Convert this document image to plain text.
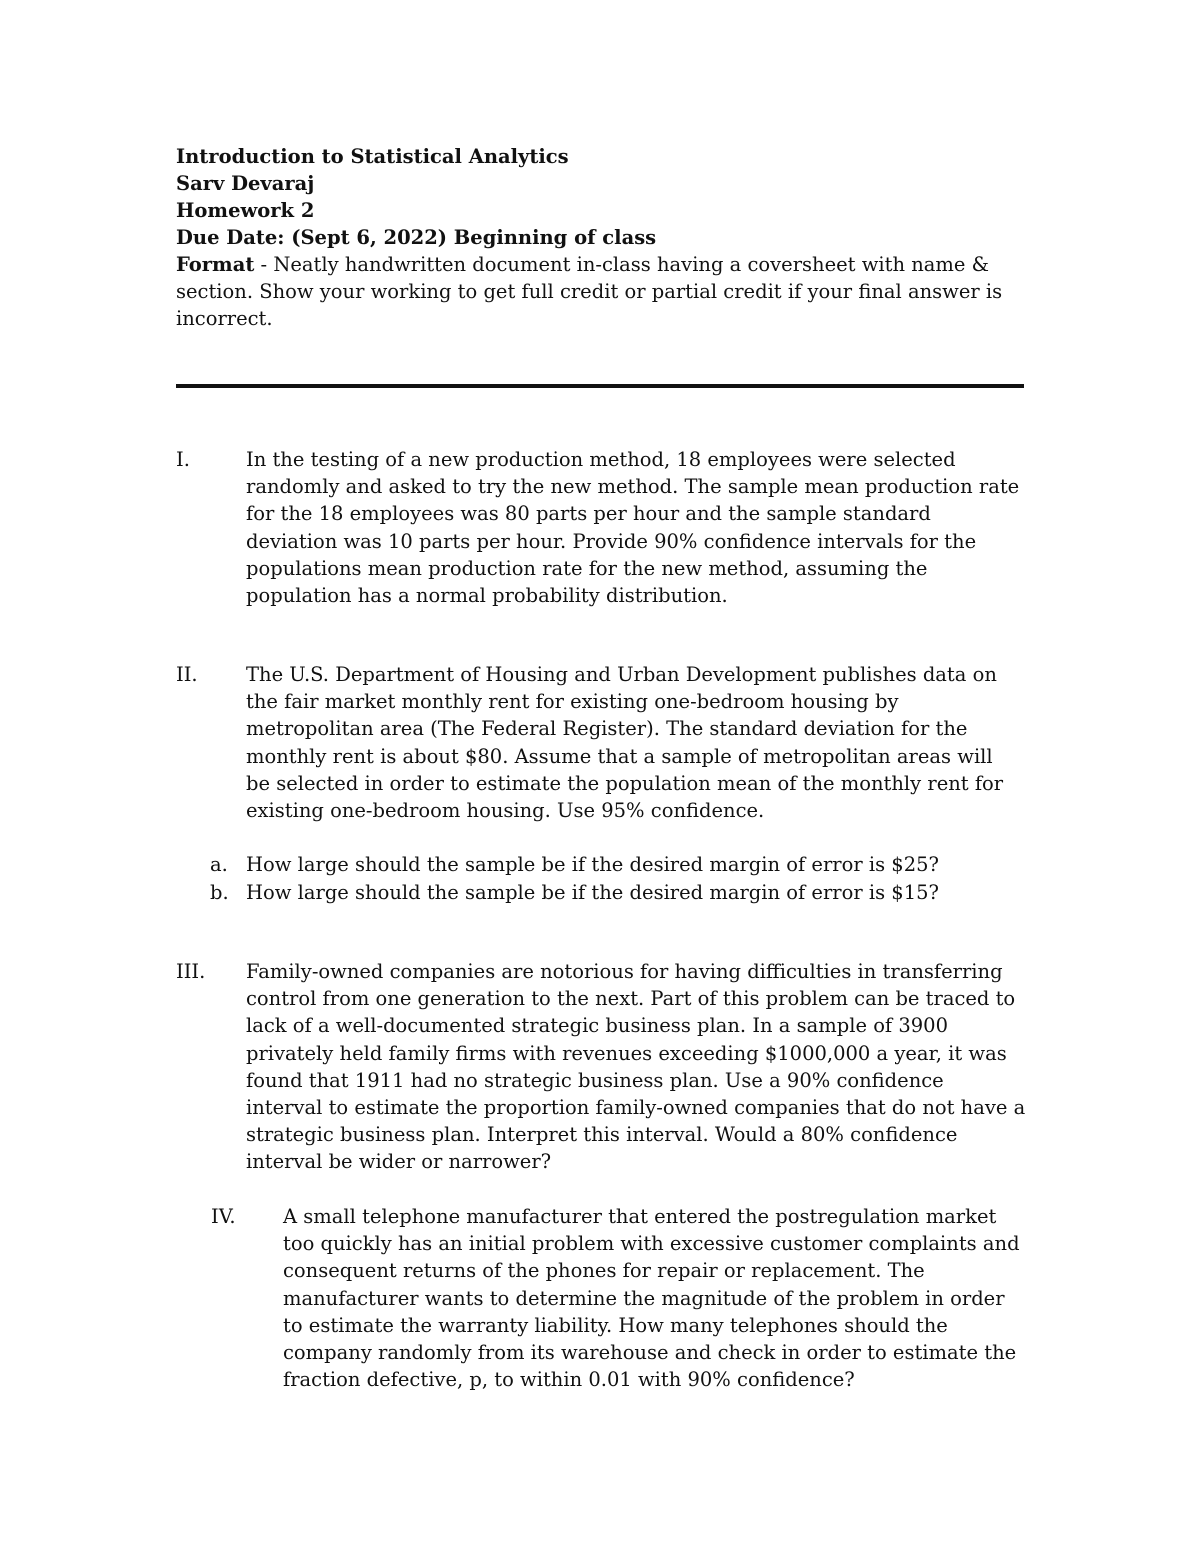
Introduction to Statistical Analytics
Sarv Devaraj
Homework 2
Due Date: (Sept 6, 2022) Beginning of class
Format - Neatly handwritten document in-class having a coversheet with name & section. Show your working to get full credit or partial credit if your final answer is incorrect.
I.	In the testing of a new production method, 18 employees were selected randomly and asked to try the new method. The sample mean production rate for the 18 employees was 80 parts per hour and the sample standard deviation was 10 parts per hour. Provide 90% confidence intervals for the populations mean production rate for the new method, assuming the population has a normal probability distribution.
II. The U.S. Department of Housing and Urban Development publishes data on the fair market monthly rent for existing one-bedroom housing by metropolitan area (The Federal Register). The standard deviation for the monthly rent is about $80. Assume that a sample of metropolitan areas will be selected in order to estimate the population mean of the monthly rent for existing one-bedroom housing. Use 95% confidence.
a. How large should the sample be if the desired margin of error is $25?
b. How large should the sample be if the desired margin of error is $15?
III. Family-owned companies are notorious for having difficulties in transferring control from one generation to the next. Part of this problem can be traced to lack of a well-documented strategic business plan. In a sample of 3900 privately held family firms with revenues exceeding $1000,000 a year, it was found that 1911 had no strategic business plan. Use a 90% confidence interval to estimate the proportion family-owned companies that do not have a strategic business plan. Interpret this interval. Would a 80% confidence interval be wider or narrower?
IV. A small telephone manufacturer that entered the postregulation market too quickly has an initial problem with excessive customer complaints and consequent returns of the phones for repair or replacement. The manufacturer wants to determine the magnitude of the problem in order to estimate the warranty liability. How many telephones should the company randomly from its warehouse and check in order to estimate the fraction defective, p, to within 0.01 with 90% confidence?
